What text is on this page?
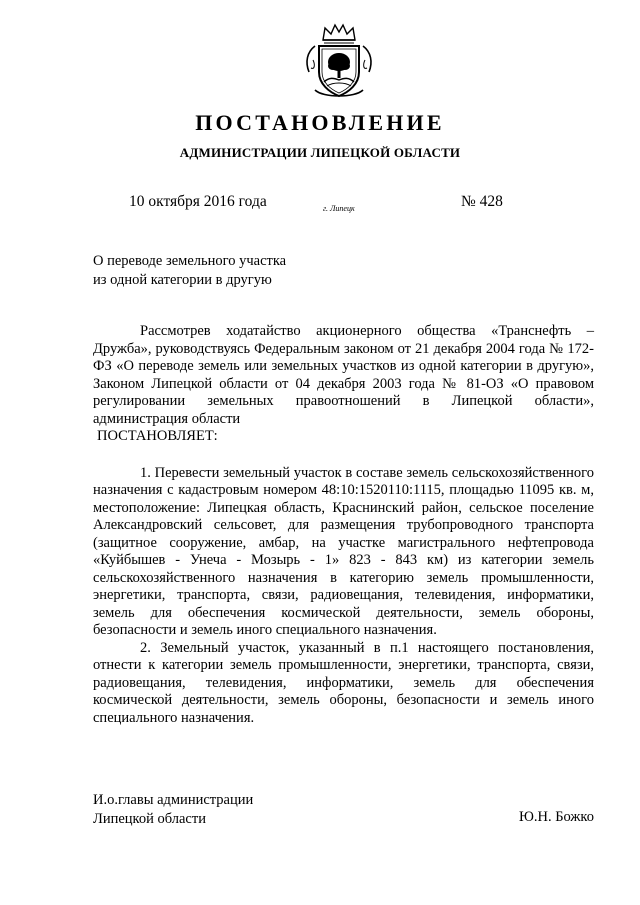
ПОСТАНОВЛЕНИЕ
АДМИНИСТРАЦИИ ЛИПЕЦКОЙ ОБЛАСТИ
10 октября 2016 года	г. Липецк	№ 428
О переводе земельного участка
из одной категории в другую

Рассмотрев ходатайство акционерного общества «Транснефть – Дружба», руководствуясь Федеральным законом от 21 декабря 2004 года № 172-ФЗ «О переводе земель или земельных участков из одной категории в другую», Законом Липецкой области от 04 декабря 2003 года № 81-ОЗ «О правовом регулировании земельных правоотношений в Липецкой области», администрация области

ПОСТАНОВЛЯЕТ:

1. Перевести земельный участок в составе земель сельскохозяйственного назначения с кадастровым номером 48:10:1520110:1115, площадью 11095 кв. м, местоположение: Липецкая область, Краснинский район, сельское поселение Александровский сельсовет, для размещения трубопроводного транспорта (защитное сооружение, амбар, на участке магистрального нефтепровода «Куйбышев - Унеча - Мозырь - 1» 823 - 843 км) из категории земель сельскохозяйственного назначения в категорию земель промышленности, энергетики, транспорта, связи, радиовещания, телевидения, информатики, земель для обеспечения космической деятельности, земель обороны, безопасности и земель иного специального назначения.

2. Земельный участок, указанный в п.1 настоящего постановления, отнести к категории земель промышленности, энергетики, транспорта, связи, радиовещания, телевидения, информатики, земель для обеспечения космической деятельности, земель обороны, безопасности и земель иного специального назначения.

И.о.главы администрации
Липецкой области	Ю.Н. Божко
